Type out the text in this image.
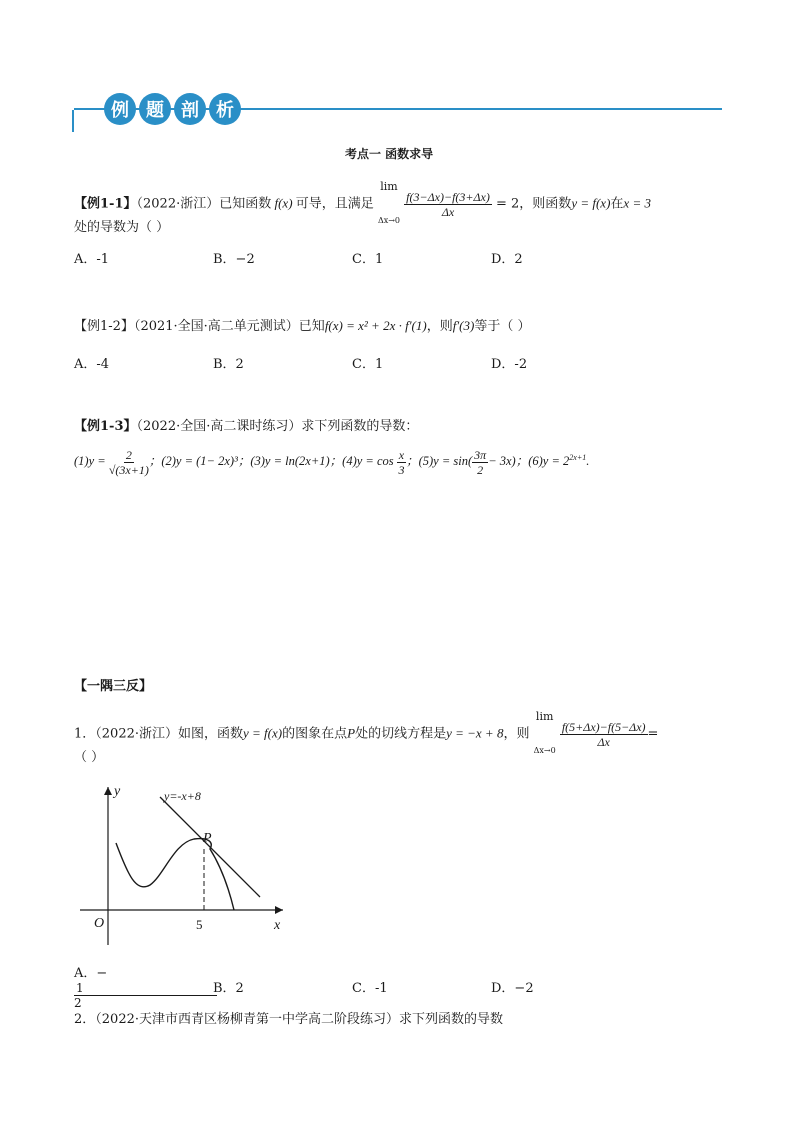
例 题 剖 析
考点一 函数求导
【例1-1】（2022·浙江）已知函数 f(x) 可导，且满足
lim
Δx→0

$\frac{f(3-\Delta x)-f(3+\Delta x)}{\Delta x} = 2$，则函数y = f(x)在x = 3
处的导数为（ ）
A．-1	B．−2	C．1	D．2
【例1-2】（2021·全国·高二单元测试）已知f(x) = x² + 2x · f′(1)，则f′(3)等于（ ）
A．-4	B．2	C．1	D．-2
【例1-3】（2022·全国·高二课时练习）求下列函数的导数：
$(1)y = \frac{2}{√(3x+1)}$ ；(2)y = (1− 2x)³；(3)y = ln(2x+1)；$(4)y = \cos \frac{x}{3}$ ；$(5)y = \sin( \frac{3\pi}{2} - 3x)$；$(6)y = 2^{2x+1}$.
【一隅三反】
1．（2022·浙江）如图，函数y = f(x)的图象在点P处的切线方程是y = −x + 8，则
lim
Δx→0

$\frac{f(5+\Delta x)-f(5-\Delta x)}{\Delta x}$ =
（ ）
y=-x+8
P
O	x
y
5
A．$-\frac{1}{2}$ B．2	C．-1	D．−2
2．（2022·天津市西青区杨柳青第一中学高二阶段练习）求下列函数的导数
